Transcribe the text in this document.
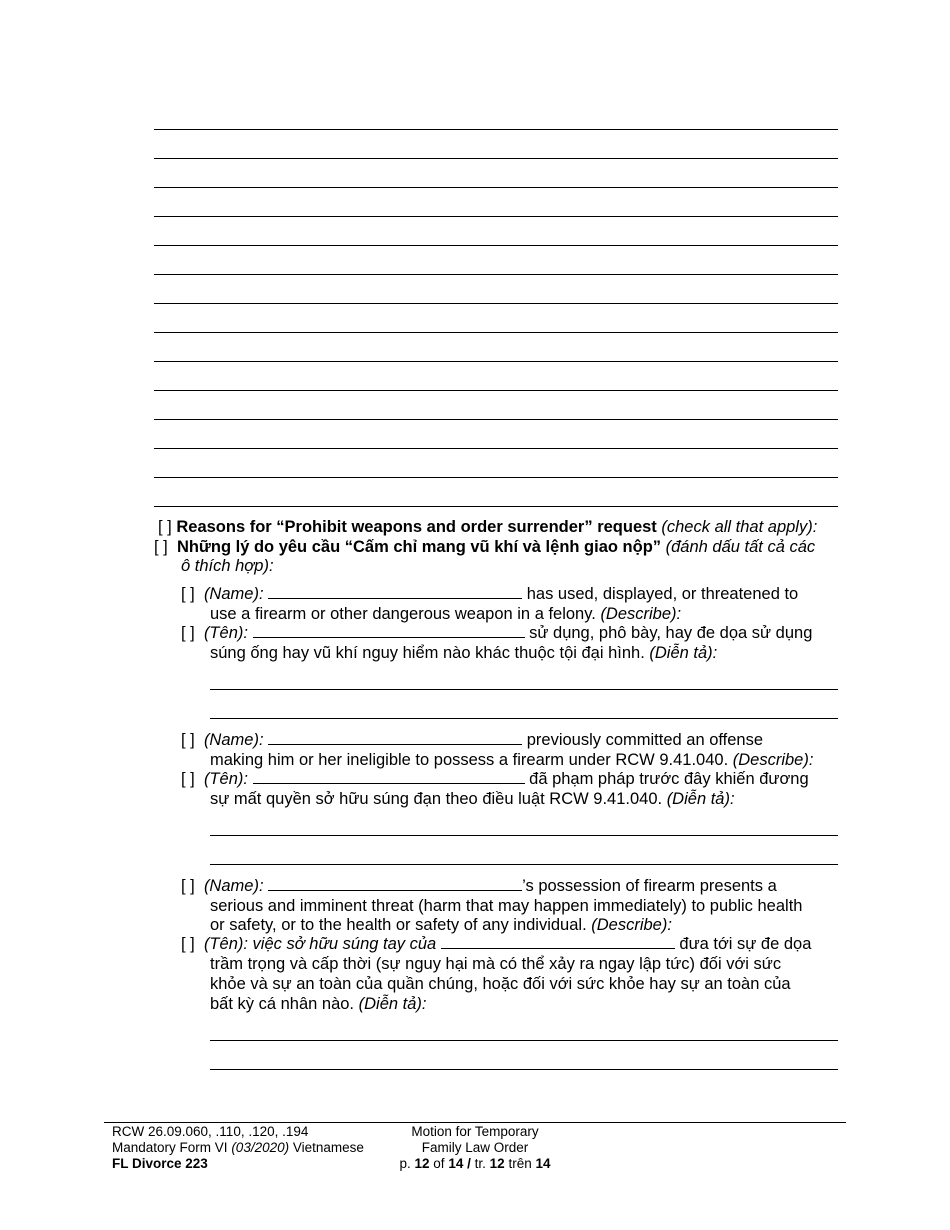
[ ] Reasons for “Prohibit weapons and order surrender” request (check all that apply):
[ ] Những lý do yêu cầu “Cấm chỉ mang vũ khí và lệnh giao nộp” (đánh dấu tất cả các
ô thích hợp):
[ ] (Name):	has used, displayed, or threatened to
use a firearm or other dangerous weapon in a felony. (Describe):
[ ] (Tên):	sử dụng, phô bày, hay đe dọa sử dụng
súng ống hay vũ khí nguy hiểm nào khác thuộc tội đại hình. (Diễn tả):
[ ] (Name):	previously committed an offense
making him or her ineligible to possess a firearm under RCW 9.41.040. (Describe):
[ ] (Tên):	đã phạm pháp trước đây khiến đương
sự mất quyền sở hữu súng đạn theo điều luật RCW 9.41.040. (Diễn tả):
[ ] (Name):	’s possession of firearm presents a
serious and imminent threat (harm that may happen immediately) to public health
or safety, or to the health or safety of any individual. (Describe):
[ ] (Tên): việc sở hữu súng tay của	đưa tới sự đe dọa
trầm trọng và cấp thời (sự nguy hại mà có thể xảy ra ngay lập tức) đối với sức
khỏe và sự an toàn của quần chúng, hoặc đối với sức khỏe hay sự an toàn của
bất kỳ cá nhân nào. (Diễn tả):
RCW 26.09.060, .110, .120, .194
Mandatory Form VI (03/2020) Vietnamese
FL Divorce 223
Motion for Temporary
Family Law Order
p. 12 of 14 / tr. 12 trên 14
